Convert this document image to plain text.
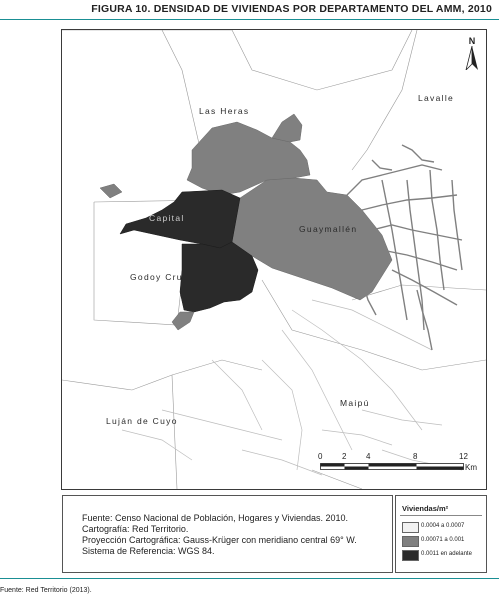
FIGURA 10. DENSIDAD DE VIVIENDAS POR DEPARTAMENTO DEL AMM, 2010
Las Heras
Lavalle
Capital
Guaymallén
Godoy Cruz
Maipú
Luján de Cuyo
N
0 2 4	8	12
Km
Fuente: Censo Nacional de Población, Hogares y Viviendas. 2010.
Cartografía: Red Territorio.
Proyección Cartográfica: Gauss-Krüger con meridiano central 69° W.
Sistema de Referencia: WGS 84.
Viviendas/m²
0.0004 a 0.0007
0.00071 a 0.001
0.0011 en adelante
Fuente: Red Territorio (2013).
